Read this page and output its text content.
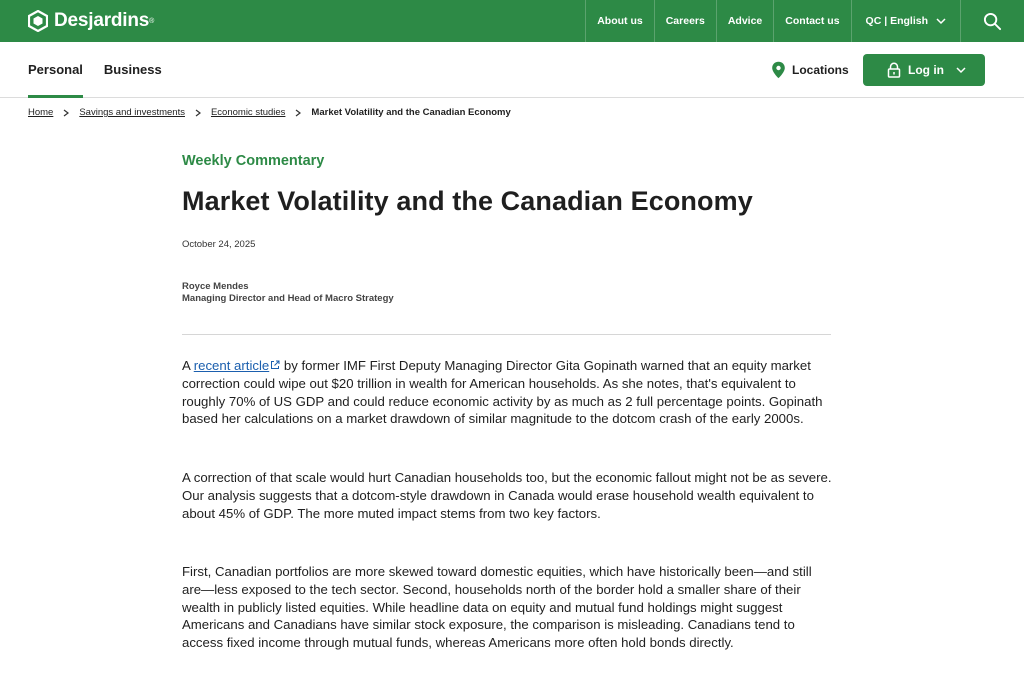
Desjardins ®	About us	Careers	Advice	Contact us	QC | English
Personal Business	Locations	Log in
Home	Savings and investments	Economic studies	Market Volatility and the Canadian Economy
Weekly Commentary
Market Volatility and the Canadian Economy
October 24, 2025
Royce Mendes
Managing Director and Head of Macro Strategy

A recent article by former IMF First Deputy Managing Director Gita Gopinath warned that an equity market correction could wipe out $20 trillion in wealth for American households. As she notes, that's equivalent to roughly 70% of US GDP and could reduce economic activity by as much as 2 full percentage points. Gopinath based her calculations on a market drawdown of similar magnitude to the dotcom crash of the early 2000s.

A correction of that scale would hurt Canadian households too, but the economic fallout might not be as severe. Our analysis suggests that a dotcom-style drawdown in Canada would erase household wealth equivalent to about 45% of GDP. The more muted impact stems from two key factors.

First, Canadian portfolios are more skewed toward domestic equities, which have historically been—and still are—less exposed to the tech sector. Second, households north of the border hold a smaller share of their wealth in publicly listed equities. While headline data on equity and mutual fund holdings might suggest Americans and Canadians have similar stock exposure, the comparison is misleading. Canadians tend to access fixed income through mutual funds, whereas Americans more often hold bonds directly.
